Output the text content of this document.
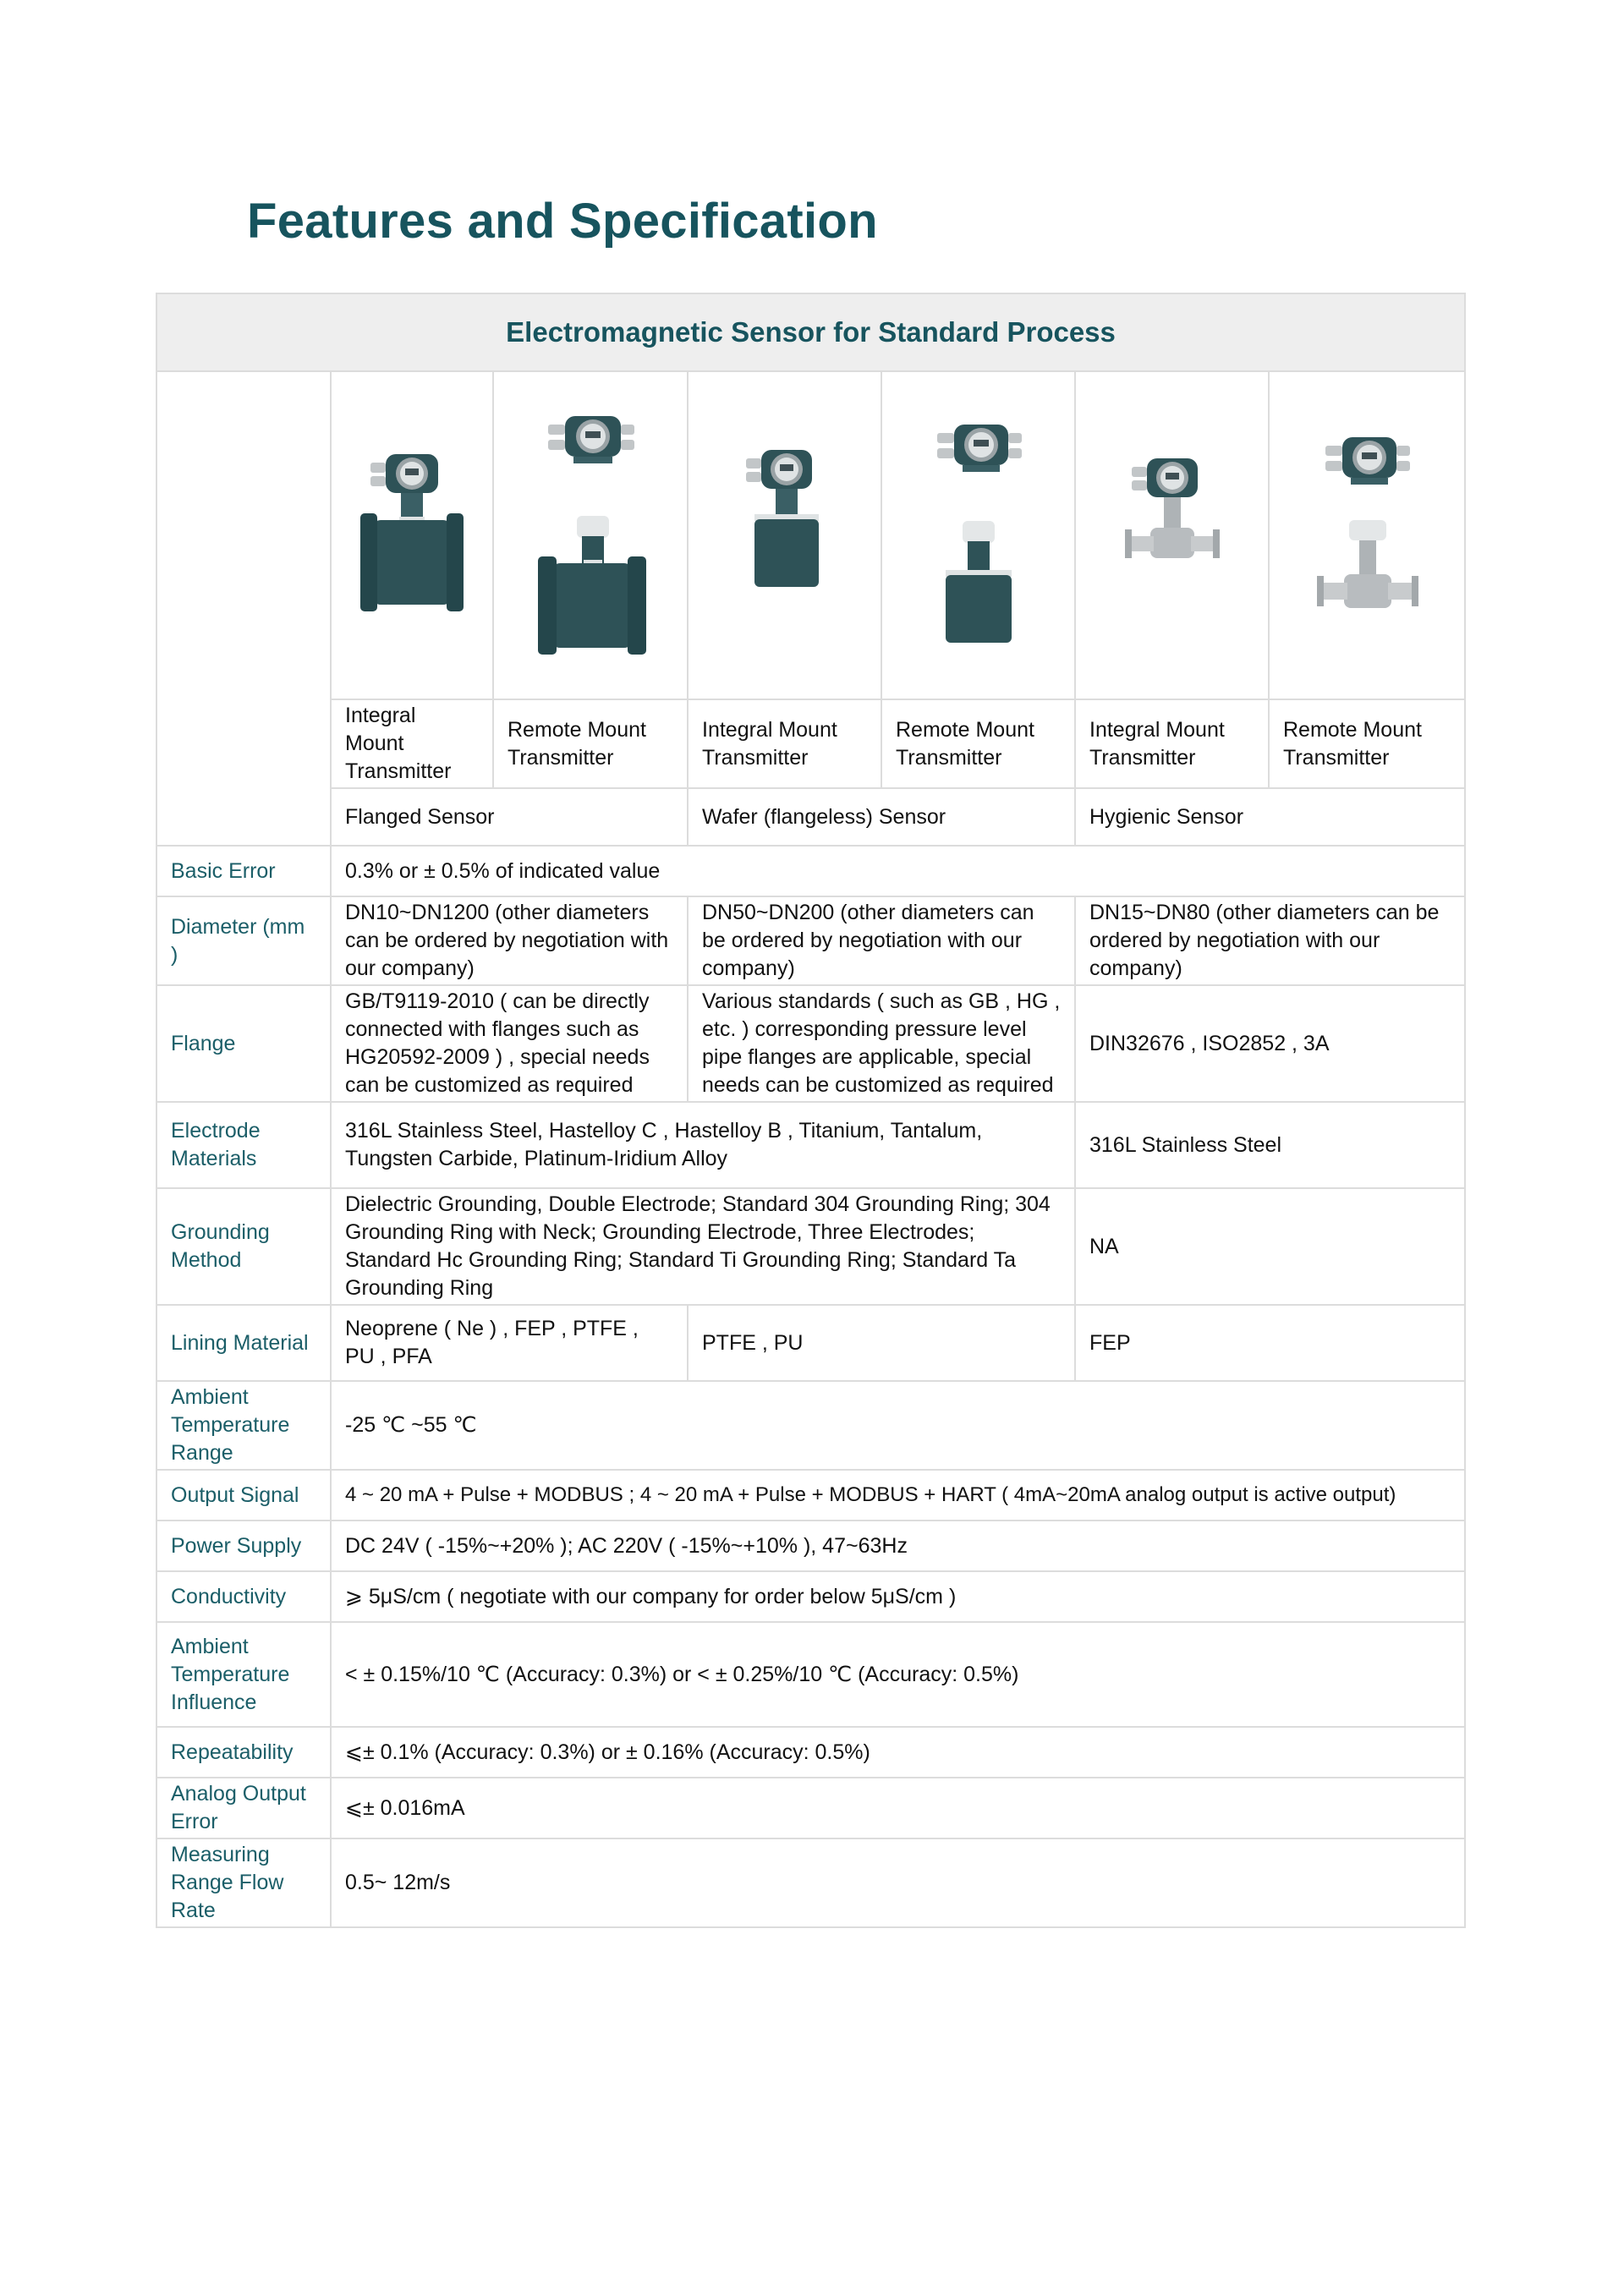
Features and Specification
Electromagnetic Sensor for Standard Process						

	Integral Mount Transmitter	Remote Mount Transmitter	Integral Mount Transmitter	Remote Mount Transmitter	Integral Mount Transmitter	Remote Mount Transmitter
	Flanged Sensor		Wafer (flangeless) Sensor		Hygienic Sensor	
Basic Error	0.3% or ± 0.5% of indicated value					
Diameter (mm )	DN10~DN1200 (other diameters can be ordered by negotiation with our company)		DN50~DN200 (other diameters can be ordered by negotiation with our company)		DN15~DN80 (other diameters can be ordered by negotiation with our company)	
Flange	GB/T9119-2010 ( can be directly connected with flanges such as HG20592-2009 ) , special needs can be customized as required		Various standards ( such as GB , HG , etc. ) corresponding pressure level pipe flanges are applicable, special needs can be customized as required		DIN32676 , ISO2852 , 3A	
Electrode Materials	316L Stainless Steel, Hastelloy C , Hastelloy B , Titanium, Tantalum, Tungsten Carbide, Platinum-Iridium Alloy				316L Stainless Steel	
Grounding Method	Dielectric Grounding, Double Electrode; Standard 304 Grounding Ring; 304 Grounding Ring with Neck; Grounding Electrode, Three Electrodes; Standard Hc Grounding Ring; Standard Ti Grounding Ring; Standard Ta Grounding Ring				NA	
Lining Material	Neoprene ( Ne ) , FEP , PTFE , PU , PFA		PTFE , PU		FEP	
Ambient Temperature Range	-25 ℃ ~55 ℃					
Output Signal	4 ~ 20 mA + Pulse + MODBUS ; 4 ~ 20 mA + Pulse + MODBUS + HART ( 4mA~20mA analog output is active output)					
Power Supply	DC 24V ( -15%~+20% ); AC 220V ( -15%~+10% ), 47~63Hz					
Conductivity	⩾ 5μS/cm ( negotiate with our company for order below 5μS/cm )					
Ambient Temperature Influence	< ± 0.15%/10 ℃ (Accuracy: 0.3%) or < ± 0.25%/10 ℃ (Accuracy: 0.5%)					
Repeatability	⩽± 0.1% (Accuracy: 0.3%) or ± 0.16% (Accuracy: 0.5%)					
Analog Output Error	⩽± 0.016mA					
Measuring Range Flow Rate	0.5~ 12m/s					
